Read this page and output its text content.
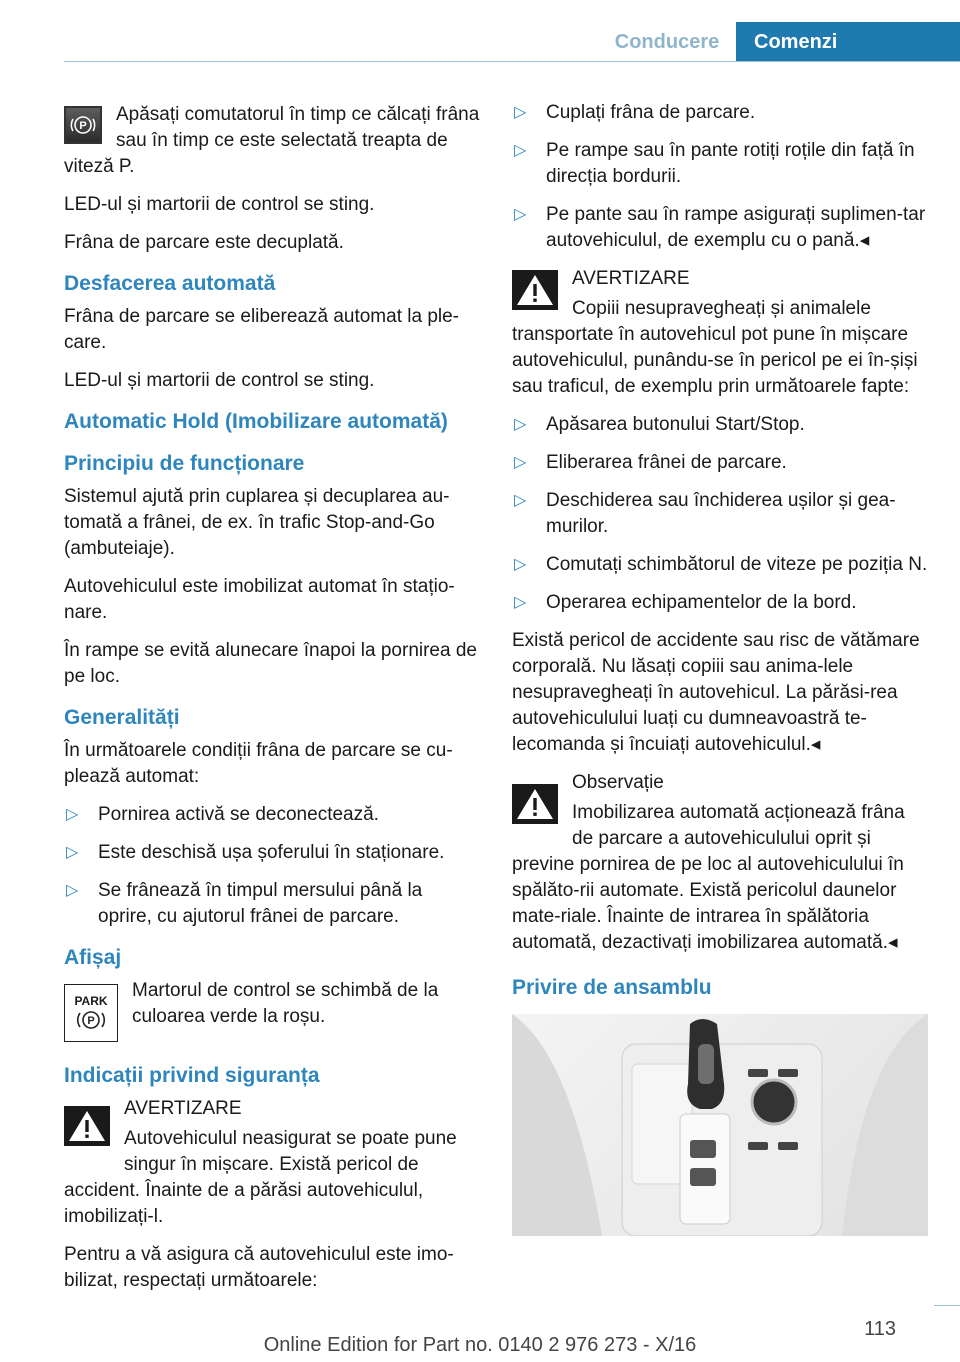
Conducere	Comenzi
P

Apăsați comutatorul în timp ce călcați frâna sau în timp ce este selectată treapta de viteză P.

LED-ul și martorii de control se sting.

Frâna de parcare este decuplată.

Desfacerea automată

Frâna de parcare se eliberează automat la ple-care.

LED-ul și martorii de control se sting.

Automatic Hold (Imobilizare automată)
Principiu de funcționare

Sistemul ajută prin cuplarea și decuplarea au-tomată a frânei, de ex. în trafic Stop-and-Go (ambuteiaje).

Autovehiculul este imobilizat automat în stațio-nare.

În rampe se evită alunecare înapoi la pornirea de pe loc.

Generalități

În următoarele condiții frâna de parcare se cu-plează automat:

▷ Pornirea activă se deconectează.
▷ Este deschisă ușa șoferului în staționare.
▷ Se frânează în timpul mersului până la oprire, cu ajutorul frânei de parcare.
Afișaj
PARK
P

Martorul de control se schimbă de la culoarea verde la roșu.

Indicații privind siguranța

AVERTIZARE

Autovehiculul neasigurat se poate pune singur în mișcare. Există pericol de accident. Înainte de a părăsi autovehiculul, imobilizați-l.

Pentru a vă asigura că autovehiculul este imo-bilizat, respectați următoarele:

▷ Cuplați frâna de parcare.
▷ Pe rampe sau în pante rotiți roțile din față în direcția bordurii.
▷ Pe pante sau în rampe asigurați suplimen-tar autovehiculul, de exemplu cu o pană.◂

AVERTIZARE

Copiii nesupravegheați și animalele transportate în autovehicul pot pune în mișcare autovehiculul, punându-se în pericol pe ei în-șiși sau traficul, de exemplu prin următoarele fapte:

▷ Apăsarea butonului Start/Stop.
▷ Eliberarea frânei de parcare.
▷ Deschiderea sau închiderea ușilor și gea-murilor.
▷ Comutați schimbătorul de viteze pe poziția N.
▷ Operarea echipamentelor de la bord.

Există pericol de accidente sau risc de vătămare corporală. Nu lăsați copiii sau anima-lele nesupravegheați în autovehicul. La părăsi-rea autovehiculului luați cu dumneavoastră te-lecomanda și încuiați autovehiculul.◂

Observație

Imobilizarea automată acționează frâna de parcare a autovehiculului oprit și previne pornirea de pe loc al autovehiculului în spălăto-rii automate. Există pericolul daunelor mate-riale. Înainte de intrarea în spălătoria automată, dezactivați imobilizarea automată.◂

Privire de ansamblu
113
Online Edition for Part no. 0140 2 976 273 - X/16
